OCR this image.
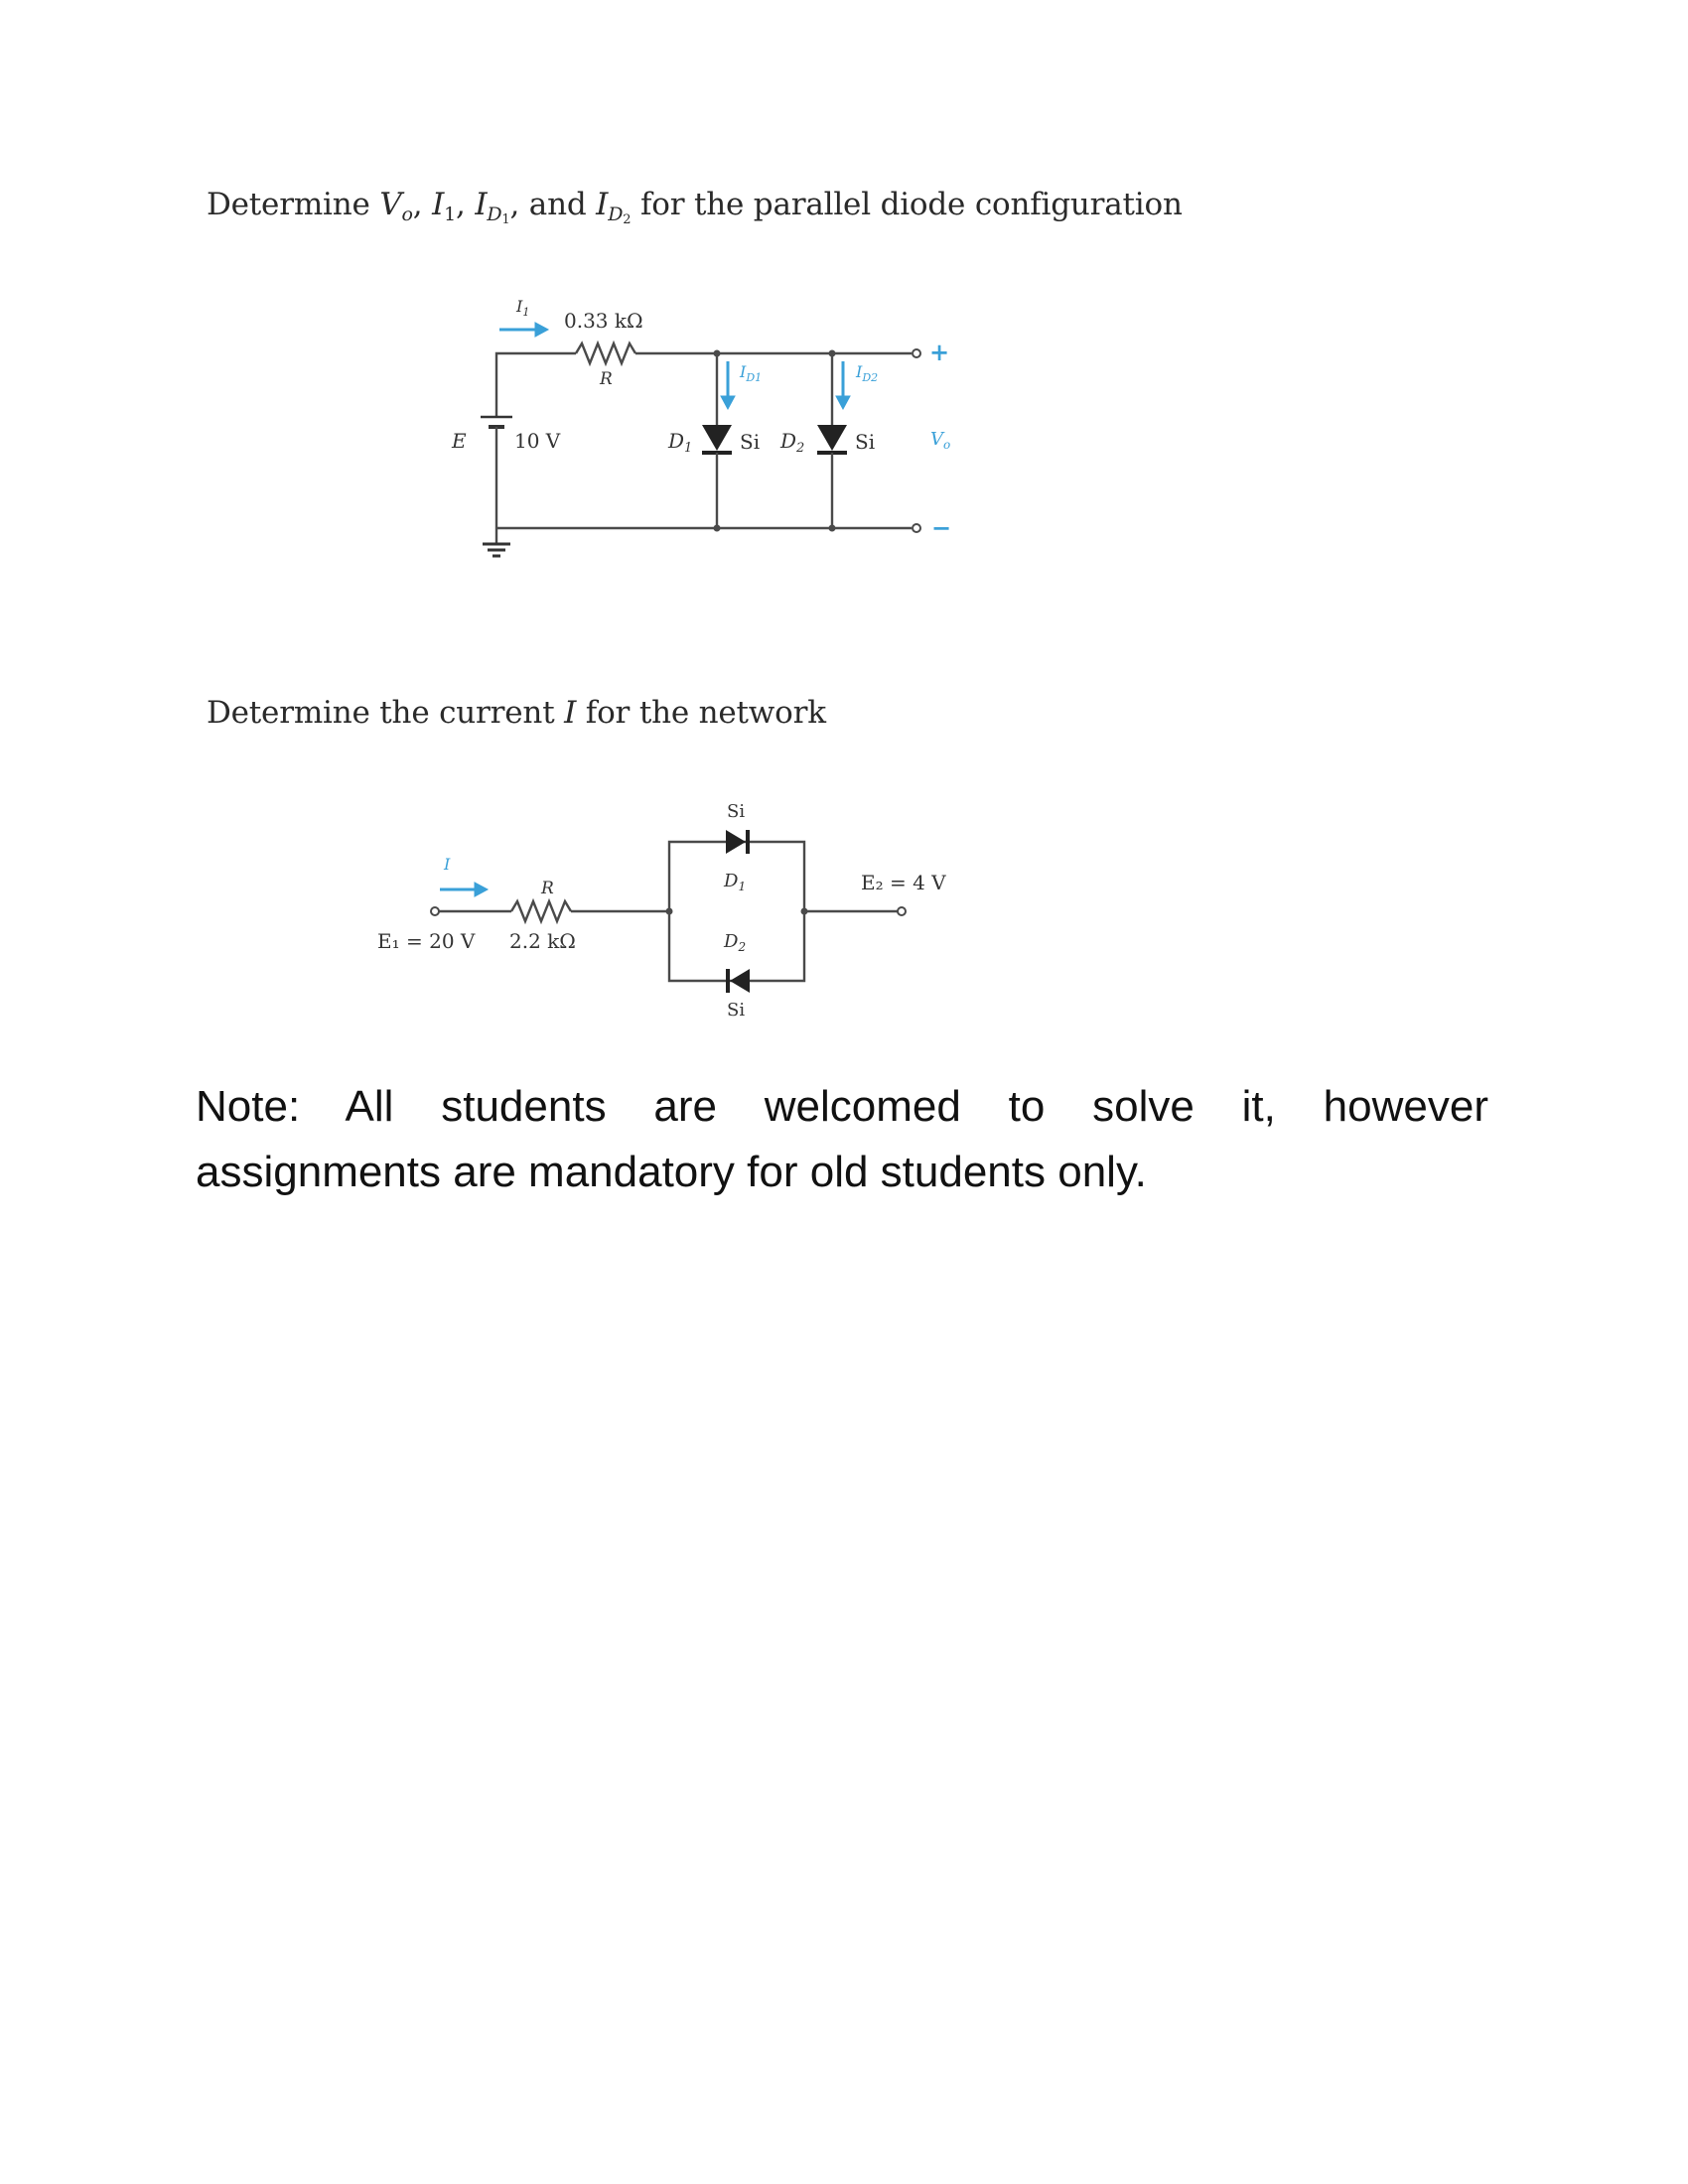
Determine $V_o$, $I_1$, $I_{D_1}$, and $I_{D_2}$ for the parallel diode configuration
$I_1$ 0.33 kΩ
R
+
$I_{D1}$	$I_{D2}$
$D_1$ Si $D_2$	Si	$V_o$
E 10 V
−
Determine the current I for the network
I
R
E₁ = 20 V 2.2 kΩ
Si
$D_1$
$D_2$
Si
E₂ = 4 V
Note:  All  students  are  welcomed  to  solve  it,  however assignments are mandatory for old students only.
